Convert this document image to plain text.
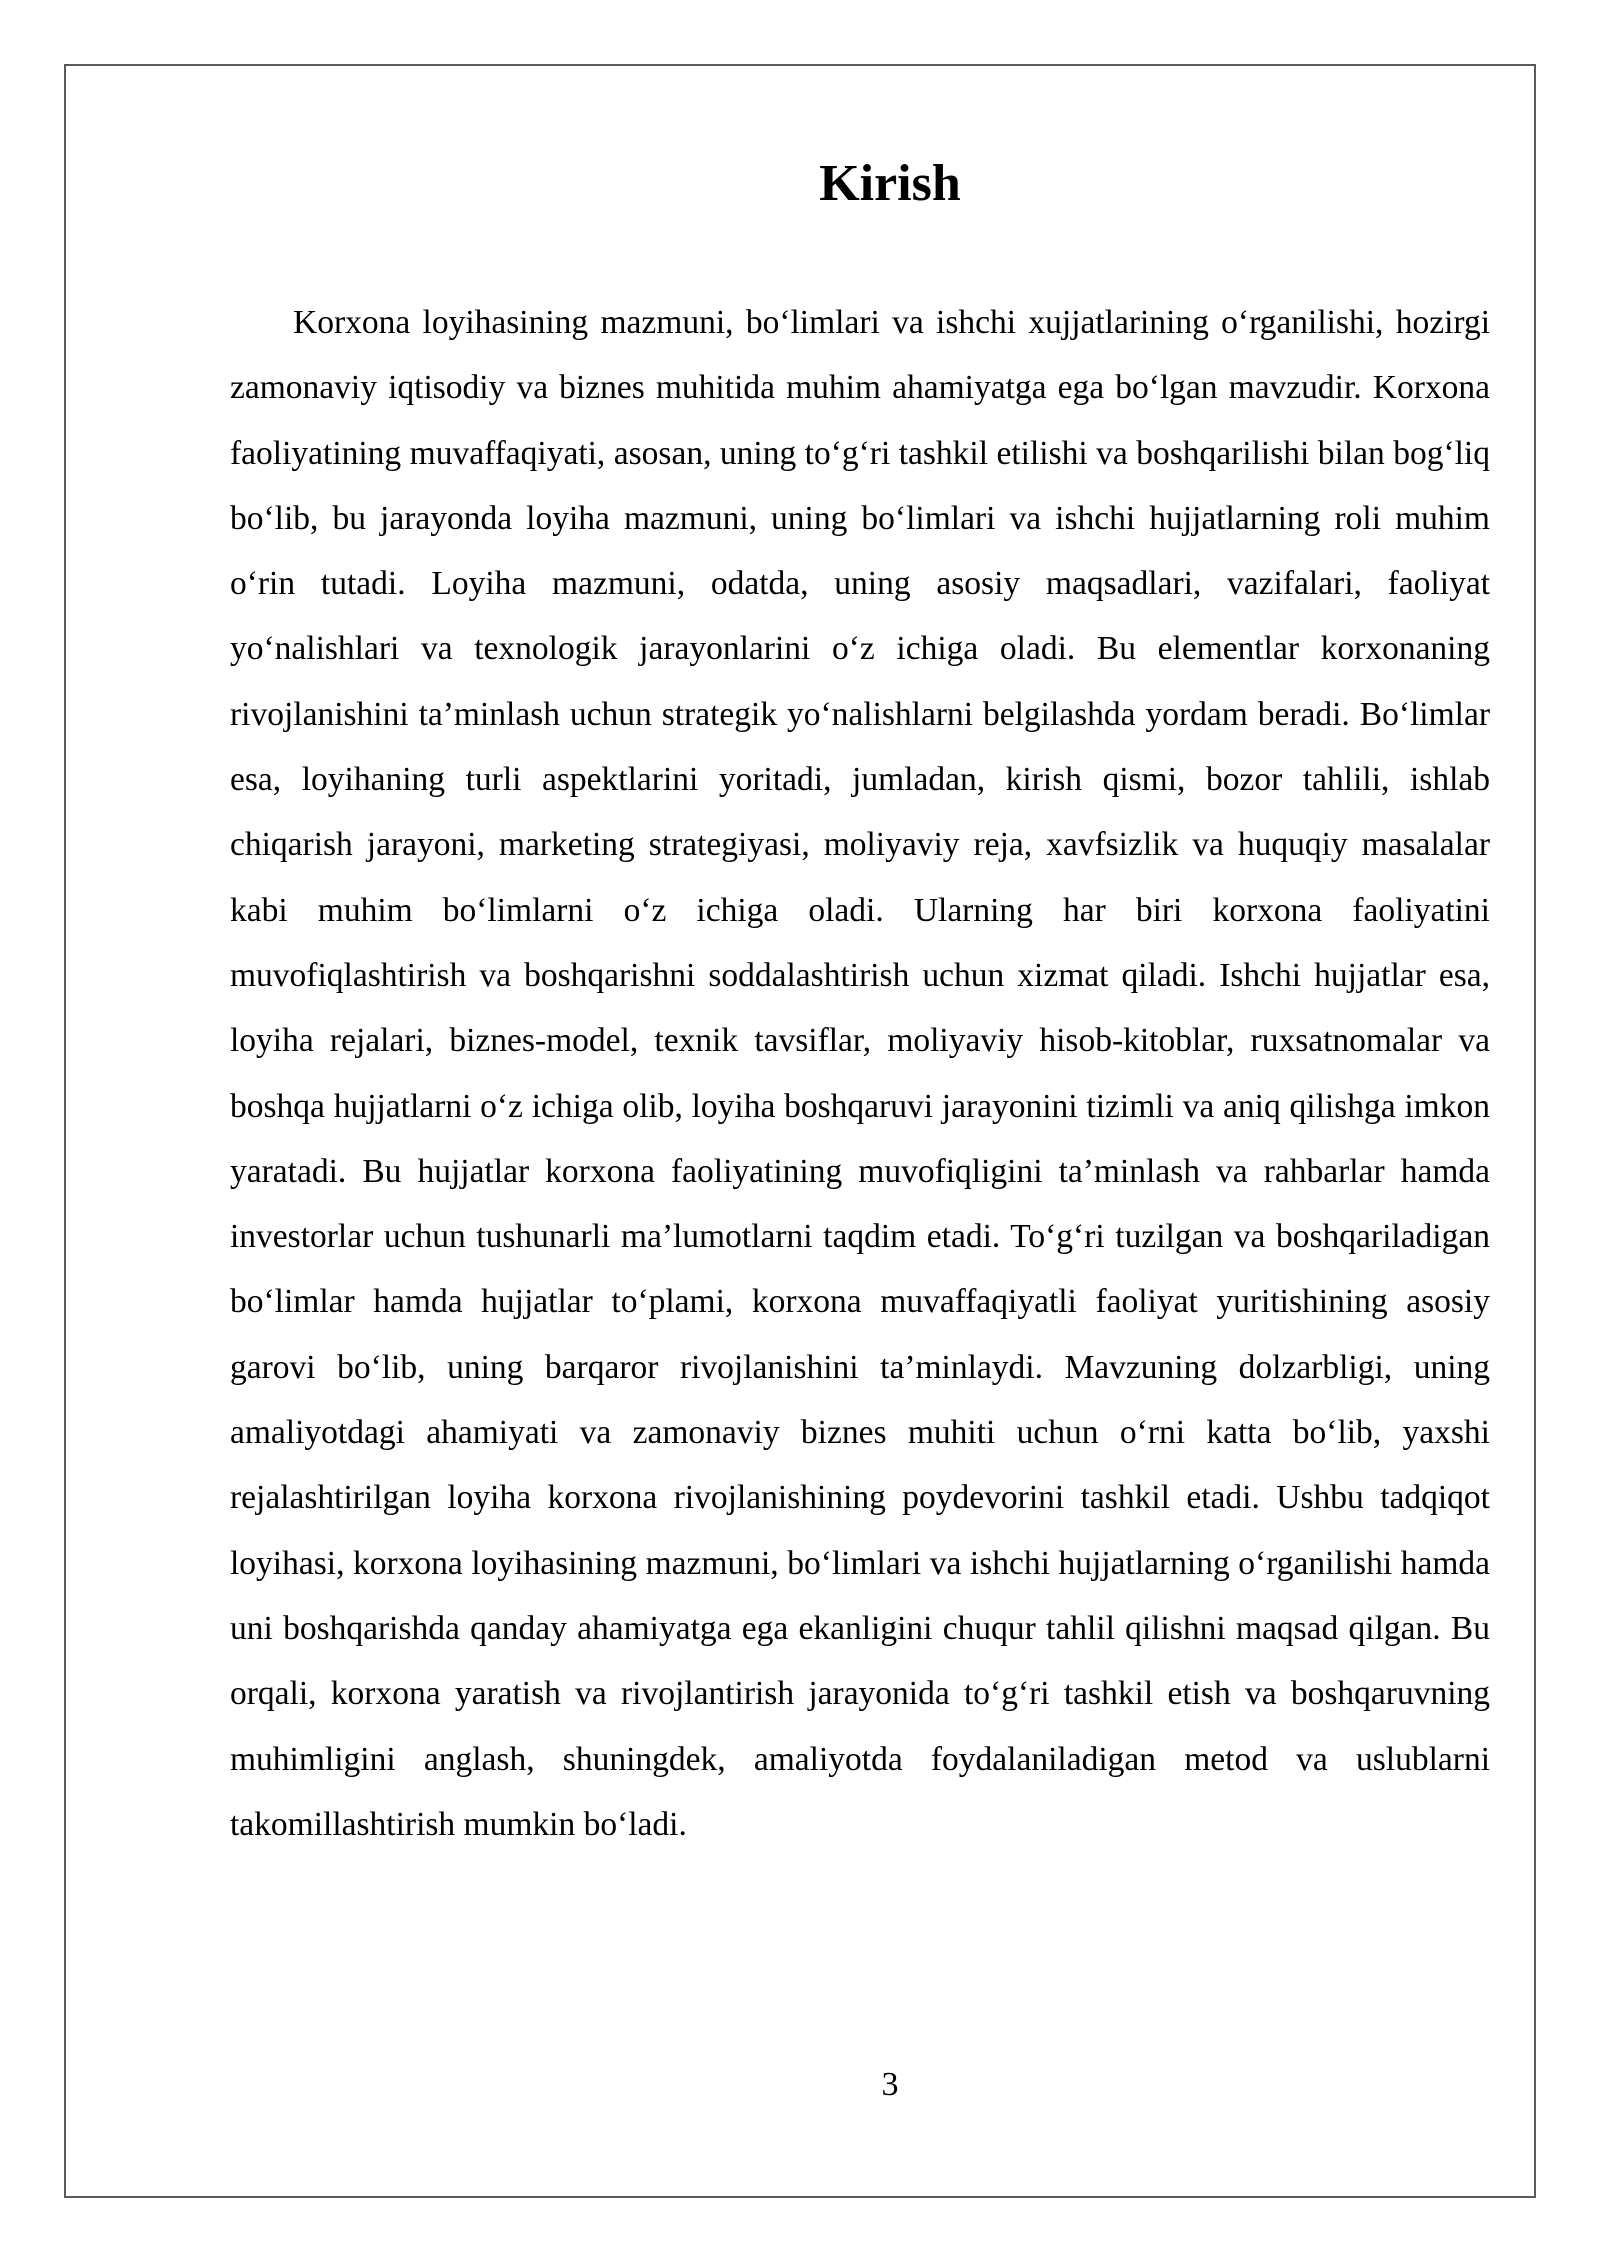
Kirish

Korxona loyihasining mazmuni, bo‘limlari va ishchi xujjatlarining o‘rganilishi, hozirgi zamonaviy iqtisodiy va biznes muhitida muhim ahamiyatga ega bo‘lgan mavzudir. Korxona faoliyatining muvaffaqiyati, asosan, uning to‘g‘ri tashkil etilishi va boshqarilishi bilan bog‘liq bo‘lib, bu jarayonda loyiha mazmuni, uning bo‘limlari va ishchi hujjatlarning roli muhim o‘rin tutadi. Loyiha mazmuni, odatda, uning asosiy maqsadlari, vazifalari, faoliyat yo‘nalishlari va texnologik jarayonlarini o‘z ichiga oladi. Bu elementlar korxonaning rivojlanishini ta’minlash uchun strategik yo‘nalishlarni belgilashda yordam beradi. Bo‘limlar esa, loyihaning turli aspektlarini yoritadi, jumladan, kirish qismi, bozor tahlili, ishlab chiqarish jarayoni, marketing strategiyasi, moliyaviy reja, xavfsizlik va huquqiy masalalar kabi muhim bo‘limlarni o‘z ichiga oladi. Ularning har biri korxona faoliyatini muvofiqlashtirish va boshqarishni soddalashtirish uchun xizmat qiladi. Ishchi hujjatlar esa, loyiha rejalari, biznes-model, texnik tavsiflar, moliyaviy hisob-kitoblar, ruxsatnomalar va boshqa hujjatlarni o‘z ichiga olib, loyiha boshqaruvi jarayonini tizimli va aniq qilishga imkon yaratadi. Bu hujjatlar korxona faoliyatining muvofiqligini ta’minlash va rahbarlar hamda investorlar uchun tushunarli ma’lumotlarni taqdim etadi. To‘g‘ri tuzilgan va boshqariladigan bo‘limlar hamda hujjatlar to‘plami, korxona muvaffaqiyatli faoliyat yuritishining asosiy garovi bo‘lib, uning barqaror rivojlanishini ta’minlaydi. Mavzuning dolzarbligi, uning amaliyotdagi ahamiyati va zamonaviy biznes muhiti uchun o‘rni katta bo‘lib, yaxshi rejalashtirilgan loyiha korxona rivojlanishining poydevorini tashkil etadi. Ushbu tadqiqot loyihasi, korxona loyihasining mazmuni, bo‘limlari va ishchi hujjatlarning o‘rganilishi hamda uni boshqarishda qanday ahamiyatga ega ekanligini chuqur tahlil qilishni maqsad qilgan. Bu orqali, korxona yaratish va rivojlantirish jarayonida to‘g‘ri tashkil etish va boshqaruvning muhimligini anglash, shuningdek, amaliyotda foydalaniladigan metod va uslublarni takomillashtirish mumkin bo‘ladi.

3
